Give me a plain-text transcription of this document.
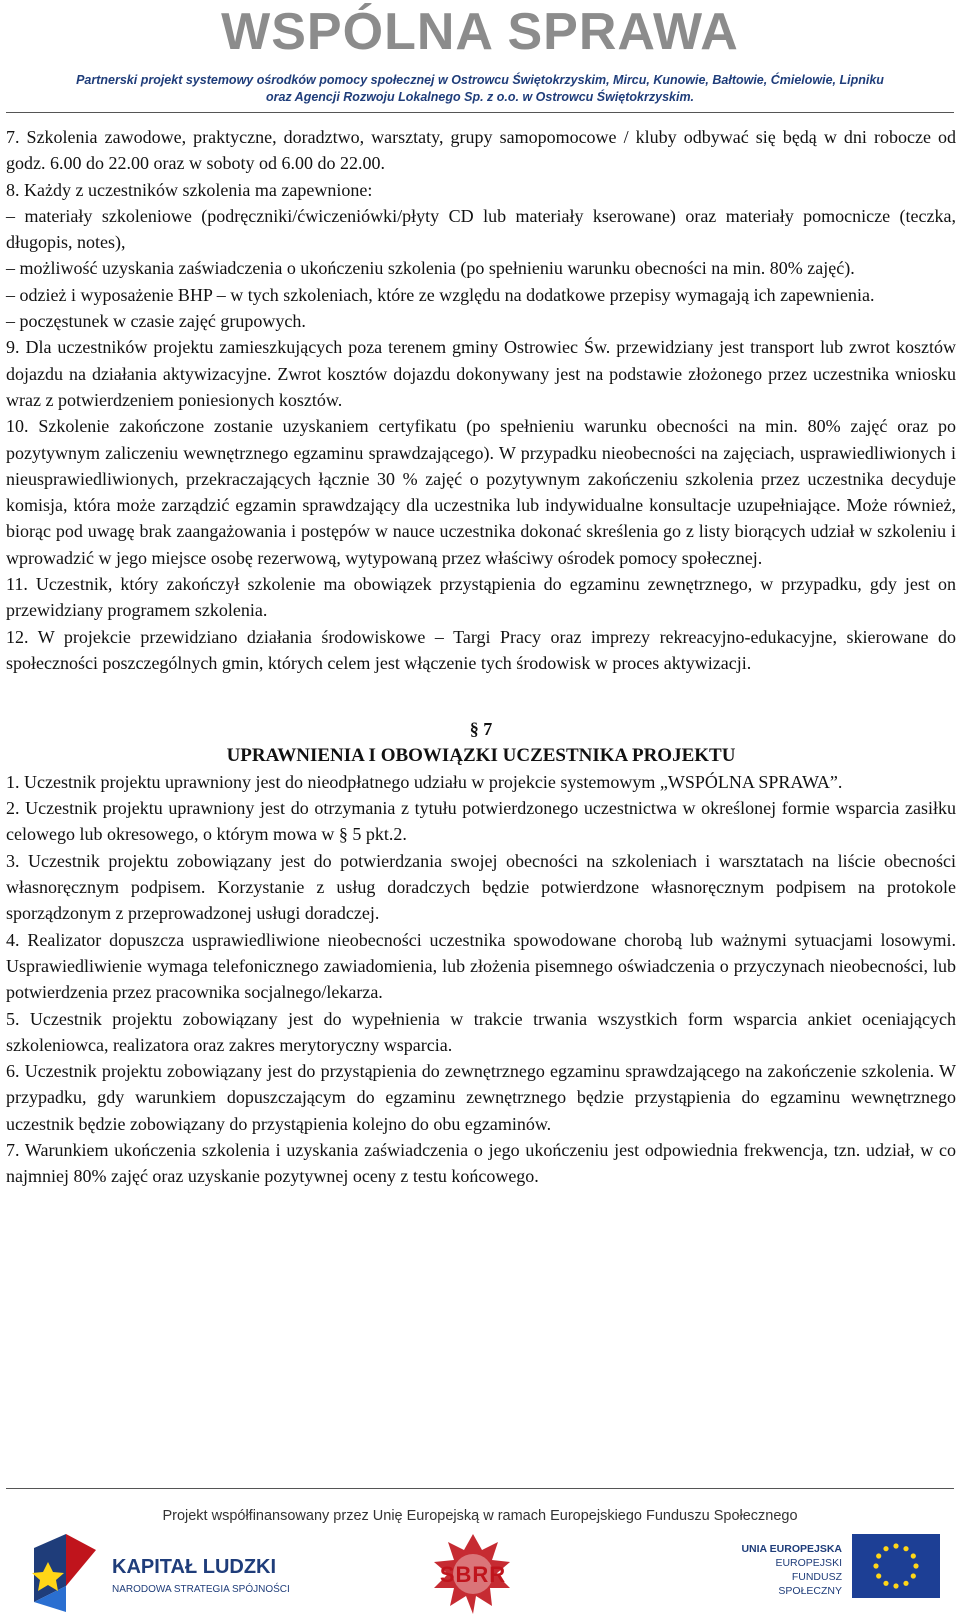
WSPÓLNA SPRAWA
Partnerski projekt systemowy ośrodków pomocy społecznej w Ostrowcu Świętokrzyskim, Mircu, Kunowie, Bałtowie, Ćmielowie, Lipniku
oraz Agencji Rozwoju Lokalnego Sp. z o.o. w Ostrowcu Świętokrzyskim.

7. Szkolenia zawodowe, praktyczne, doradztwo, warsztaty, grupy samopomocowe / kluby odbywać się będą w dni robocze od godz. 6.00 do 22.00 oraz w soboty od 6.00 do 22.00.

8. Każdy z uczestników szkolenia ma zapewnione:

– materiały szkoleniowe (podręczniki/ćwiczeniówki/płyty CD lub materiały kserowane) oraz materiały pomocnicze (teczka, długopis, notes),

– możliwość uzyskania zaświadczenia o ukończeniu szkolenia (po spełnieniu warunku obecności na min. 80% zajęć).

– odzież i wyposażenie BHP – w tych szkoleniach, które ze względu na dodatkowe przepisy wymagają ich zapewnienia.

– poczęstunek w czasie zajęć grupowych.

9. Dla uczestników projektu zamieszkujących poza terenem gminy Ostrowiec Św. przewidziany jest transport lub zwrot kosztów dojazdu na działania aktywizacyjne. Zwrot kosztów dojazdu dokonywany jest na podstawie złożonego przez uczestnika wniosku wraz z potwierdzeniem poniesionych kosztów.

10. Szkolenie zakończone zostanie uzyskaniem certyfikatu (po spełnieniu warunku obecności na min. 80% zajęć oraz po pozytywnym zaliczeniu wewnętrznego egzaminu sprawdzającego). W przypadku nieobecności na zajęciach, usprawiedliwionych i nieusprawiedliwionych, przekraczających łącznie 30 % zajęć o pozytywnym zakończeniu szkolenia przez uczestnika decyduje komisja, która może zarządzić egzamin sprawdzający dla uczestnika lub indywidualne konsultacje uzupełniające. Może również, biorąc pod uwagę brak zaangażowania i postępów w nauce uczestnika dokonać skreślenia go z listy biorących udział w szkoleniu i wprowadzić w jego miejsce osobę rezerwową, wytypowaną przez właściwy ośrodek pomocy społecznej.

11. Uczestnik, który zakończył szkolenie ma obowiązek przystąpienia do egzaminu zewnętrznego, w przypadku, gdy jest on przewidziany programem szkolenia.

12. W projekcie przewidziano działania środowiskowe – Targi Pracy oraz imprezy rekreacyjno-edukacyjne, skierowane do społeczności poszczególnych gmin, których celem jest włączenie tych środowisk w proces aktywizacji.

§ 7

UPRAWNIENIA I OBOWIĄZKI UCZESTNIKA PROJEKTU

1. Uczestnik projektu uprawniony jest do nieodpłatnego udziału w projekcie systemowym „WSPÓLNA SPRAWA”.

2. Uczestnik projektu uprawniony jest do otrzymania z tytułu potwierdzonego uczestnictwa w określonej formie wsparcia zasiłku celowego lub okresowego, o którym mowa w § 5 pkt.2.

3. Uczestnik projektu zobowiązany jest do potwierdzania swojej obecności na szkoleniach i warsztatach na liście obecności własnoręcznym podpisem. Korzystanie z usług doradczych będzie potwierdzone własnoręcznym podpisem na protokole sporządzonym z przeprowadzonej usługi doradczej.

4. Realizator dopuszcza usprawiedliwione nieobecności uczestnika spowodowane chorobą lub ważnymi sytuacjami losowymi. Usprawiedliwienie wymaga telefonicznego zawiadomienia, lub złożenia pisemnego oświadczenia o przyczynach nieobecności, lub potwierdzenia przez pracownika socjalnego/lekarza.

5. Uczestnik projektu zobowiązany jest do wypełnienia w trakcie trwania wszystkich form wsparcia ankiet oceniających szkoleniowca, realizatora oraz zakres merytoryczny wsparcia.

6. Uczestnik projektu zobowiązany jest do przystąpienia do zewnętrznego egzaminu sprawdzającego na zakończenie szkolenia. W przypadku, gdy warunkiem dopuszczającym do egzaminu zewnętrznego będzie przystąpienia do egzaminu wewnętrznego uczestnik będzie zobowiązany do przystąpienia kolejno do obu egzaminów.

7. Warunkiem ukończenia szkolenia i uzyskania zaświadczenia o jego ukończeniu jest odpowiednia frekwencja, tzn. udział, w co najmniej 80% zajęć oraz uzyskanie pozytywnej oceny z testu końcowego.

Projekt współfinansowany przez Unię Europejską w ramach Europejskiego Funduszu Społecznego
KAPITAŁ LUDZKI
NARODOWA STRATEGIA SPÓJNOŚCI
SBRR
UNIA EUROPEJSKA
EUROPEJSKI
FUNDUSZ SPOŁECZNY
